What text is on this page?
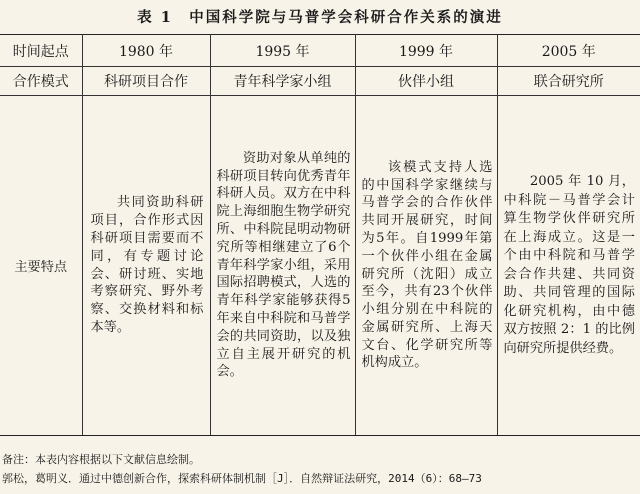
表 1　中国科学院与马普学会科研合作关系的演进
时间起点	1980 年	1995 年	1999 年	2005 年
合作模式	科研项目合作	青年科学家小组	伙伴小组	联合研究所
主要特点	共同资助科研项目，合作形式因科研项目需要而不同，有专题讨论会、研讨班、实地考察研究、野外考察、交换材料和标本等。	资助对象从单纯的科研项目转向优秀青年科研人员。双方在中科院上海细胞生物学研究所、中科院昆明动物研究所等相继建立了6个青年科学家小组，采用国际招聘模式，人选的青年科学家能够获得5年来自中科院和马普学会的共同资助，以及独立自主展开研究的机会。	该模式支持人选的中国科学家继续与马普学会的合作伙伴共同开展研究，时间为5年。自1999年第一个伙伴小组在金属研究所（沈阳）成立至今，共有23个伙伴小组分别在中科院的金属研究所、上海天文台、化学研究所等机构成立。	2005 年 10 月，中科院－马普学会计算生物学伙伴研究所在上海成立。这是一个由中科院和马普学会合作共建、共同资助、共同管理的国际化研究机构，由中德双方按照 2：1 的比例向研究所提供经费。

备注：本表内容根据以下文献信息绘制。
郭松，葛明义．通过中德创新合作，探索科研体制机制［J］．自然辩证法研究，2014（6）：68—73
